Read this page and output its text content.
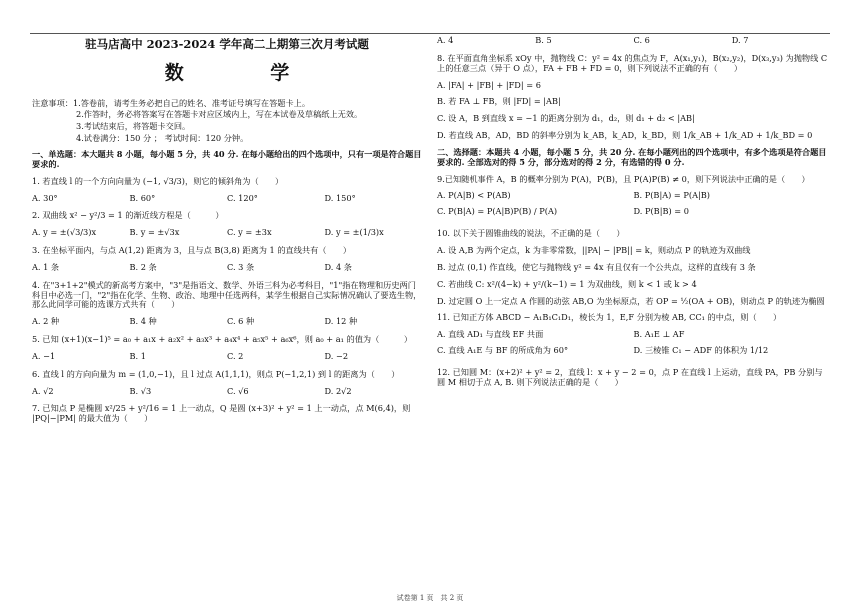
驻马店高中 2023-2024 学年高二上期第三次月考试题
数 学
注意事项：1.答卷前，请考生务必把自己的姓名、准考证号填写在答题卡上。
2.作答时，务必将答案写在答题卡对应区域内上，写在本试卷及草稿纸上无效。
3.考试结束后，将答题卡交回。
4.试卷满分：150 分 ； 考试时间：120 分钟。
一、单选题：本大题共 8 小题，每小题 5 分，共 40 分. 在每小题给出的四个选项中，只有一项是符合题目要求的.
1. 若直线 l 的一个方向向量为 (−1, √3/3)，则它的倾斜角为（　　）
A. 30°	B. 60°	C. 120°	D. 150°
2. 双曲线 x² − y²/3 = 1 的渐近线方程是（　　　）
A. y = ±(√3/3)x	B. y = ±√3x	C. y = ±3x	D. y = ±(1/3)x
3. 在坐标平面内，与点 A(1,2) 距离为 3，且与点 B(3,8) 距离为 1 的直线共有（　　）
A. 1 条	B. 2 条	C. 3 条	D. 4 条
4. 在"3+1+2"模式的新高考方案中，"3"是指语文、数学、外语三科为必考科目，"1"指在物理和历史两门科目中必选一门，"2"指在化学、生物、政治、地理中任选两科，某学生根据自己实际情况确认了要选生物，那么此同学可能的选课方式共有（　　）
A. 2 种	B. 4 种	C. 6 种	D. 12 种
5. 已知 (x+1)(x−1)⁵ = a₀ + a₁x + a₂x² + a₃x³ + a₄x⁴ + a₅x⁵ + a₆x⁶，则 a₀ + a₁ 的值为（　　　）
A. −1	B. 1	C. 2	D. −2
6. 直线 l 的方向向量为 m = (1,0,−1)，且 l 过点 A(1,1,1)，则点 P(−1,2,1) 到 l 的距离为（　　）
A. √2	B. √3	C. √6	D. 2√2
7. 已知点 P 是椭圆 x²/25 + y²/16 = 1 上一动点，Q 是圆 (x+3)² + y² = 1 上一动点，点 M(6,4)，则 |PQ|−|PM| 的最大值为（　　）
A. 4	B. 5	C. 6	D. 7
8. 在平面直角坐标系 xOy 中，抛物线 C：y² = 4x 的焦点为 F，A(x₁,y₁)，B(x₂,y₂)，D(x₃,y₃) 为抛物线 C 上的任意三点（异于 O 点），FA + FB + FD = 0，则下列说法不正确的有（　　）
A. |FA| + |FB| + |FD| = 6
B. 若 FA ⊥ FB，则 |FD| = |AB|
C. 设 A，B 到直线 x = −1 的距离分别为 d₁，d₂，则 d₁ + d₂ < |AB|
D. 若直线 AB，AD，BD 的斜率分别为 k_AB，k_AD，k_BD，则 1/k_AB + 1/k_AD + 1/k_BD = 0
二、选择题：本题共 4 小题，每小题 5 分，共 20 分. 在每小题列出的四个选项中，有多个选项是符合题目要求的. 全部选对的得 5 分，部分选对的得 2 分，有选错的得 0 分.
9.已知随机事件 A，B 的概率分别为 P(A)，P(B)，且 P(A)P(B) ≠ 0，则下列说法中正确的是（　　）
A. P(A|B) < P(AB)	B. P(B|A) = P(A|B)
C. P(B|A) = P(A|B)P(B) / P(A)	D. P(B|B) = 0
10. 以下关于圆锥曲线的说法，不正确的是（　　）
A. 设 A,B 为两个定点，k 为非零常数，||PA| − |PB|| = k，则动点 P 的轨迹为双曲线
B. 过点 (0,1) 作直线，使它与抛物线 y² = 4x 有且仅有一个公共点，这样的直线有 3 条
C. 若曲线 C: x²/(4−k) + y²/(k−1) = 1 为双曲线，则 k < 1 或 k > 4
D. 过定圆 O 上一定点 A 作圆的动弦 AB,O 为坐标原点，若 OP = ½(OA + OB)，则动点 P 的轨迹为椭圆
11. 已知正方体 ABCD − A₁B₁C₁D₁，棱长为 1，E,F 分别为棱 AB, CC₁ 的中点，则（　　）
A. 直线 AD₁ 与直线 EF 共面	B. A₁E ⊥ AF
C. 直线 A₁E 与 BF 的所成角为 60°	D. 三棱锥 C₁ − ADF 的体积为 1/12
12. 已知圆 M：(x+2)² + y² = 2，直线 l：x + y − 2 = 0，点 P 在直线 l 上运动，直线 PA，PB 分别与圆 M 相切于点 A, B. 则下列说法正确的是（　　）
试卷第 1 页　共 2 页
